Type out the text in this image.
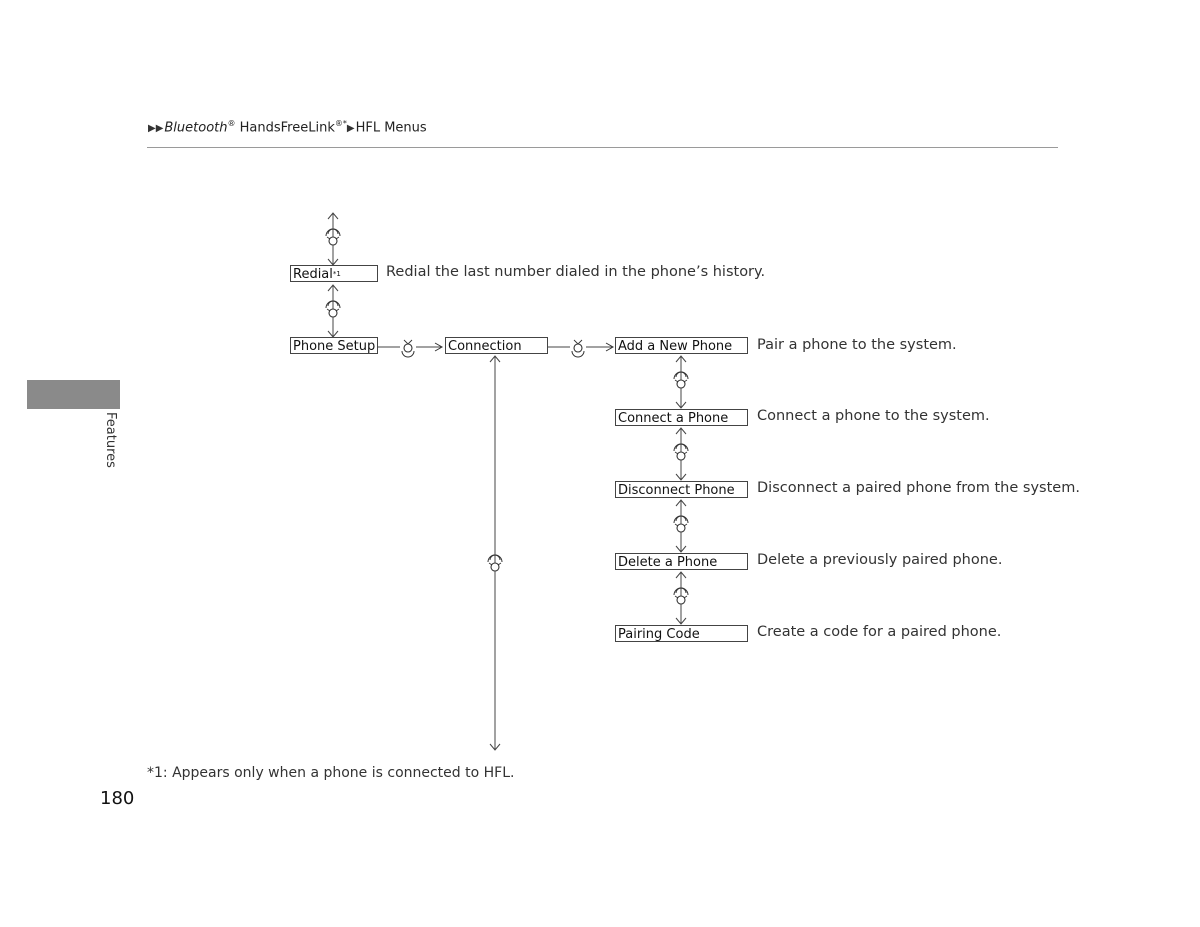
▶▶Bluetooth® HandsFreeLink®*▶HFL Menus
Features
Redial$^{*1}$	Redial the last number dialed in the phone’s history.
Phone Setup	Connection	Add a New Phone	Pair a phone to the system.
Connect a Phone	Connect a phone to the system.
Disconnect Phone	Disconnect a paired phone from the system.
Delete a Phone	Delete a previously paired phone.
Pairing Code	Create a code for a paired phone.
*1: Appears only when a phone is connected to HFL.
180
